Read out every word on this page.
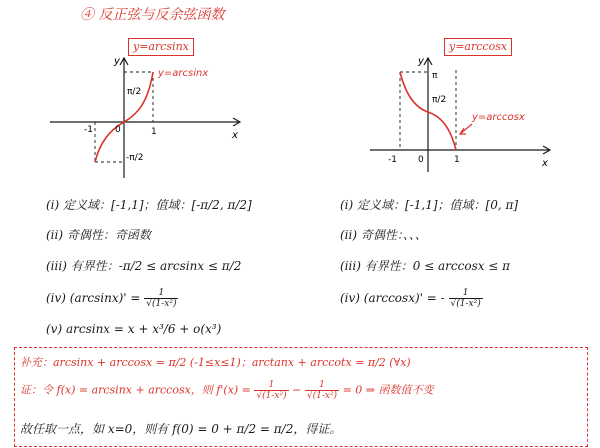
④ 反正弦与反余弦函数
y=arcsinx
y
x
y=arcsinx
π/2
-π/2
-1 0	1
y=arccosx
y
x
y=arccosx
π
π/2
-1 0	1
(i) 定义域：[-1,1]；值域：[-π/2, π/2]
(ii) 奇偶性：奇函数
(iii) 有界性：-π/2 ≤ arcsinx ≤ π/2
(iv) $(\arcsin x)' = \frac{1}{\text{√(1-x²)}}$
(v) arcsinx = x + x³/6 + o(x³)
(i) 定义域：[-1,1]；值域：[0, π]
(ii) 奇偶性：、、、
(iii) 有界性：0 ≤ arccosx ≤ π
(iv) (arccosx)' = - $\frac{1}{\text{√(1-x²)}}$
补充：arcsinx + arccosx = π/2 (-1≤x≤1)；arctanx + arccotx = π/2 (∀x)
证：令 f(x) = arcsinx + arccosx，则 $f'(x) = \frac{1}{\text{√(1-x²)}} - \frac{1}{\text{√(1-x²)}} = 0$ ⇒ 函数值不变
故任取一点，如 x=0，则有 f(0) = 0 + π/2 = π/2，得证。
